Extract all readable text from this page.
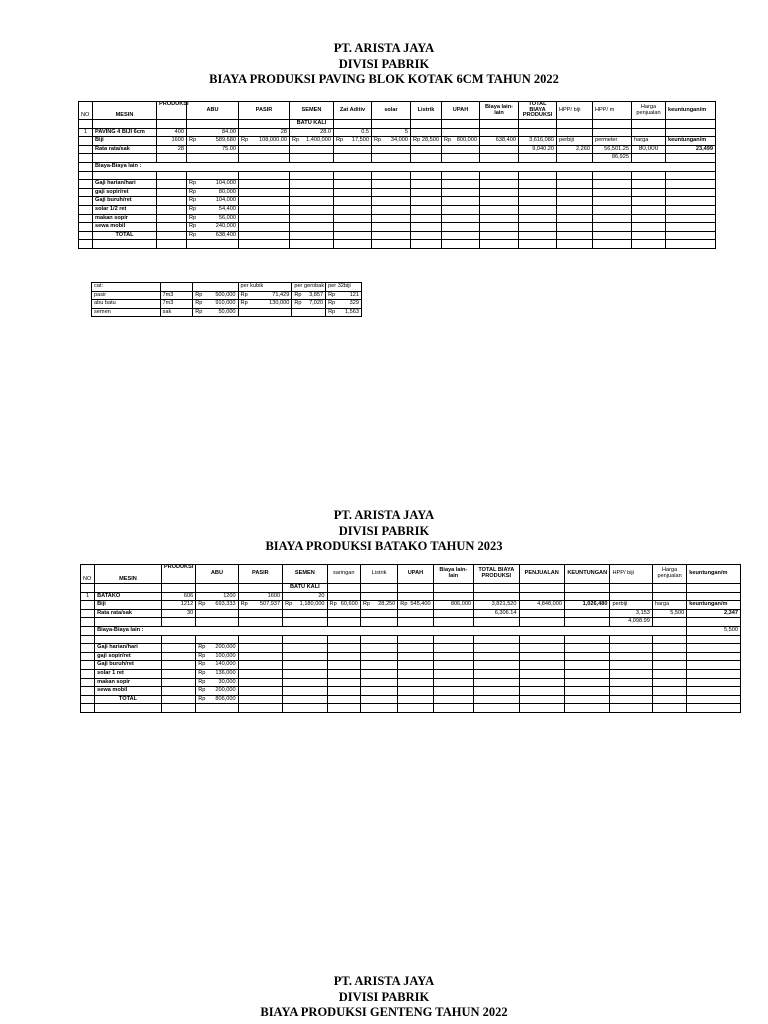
PT. ARISTA JAYA
DIVISI PABRIK
BIAYA PRODUKSI PAVING BLOK KOTAK 6CM TAHUN 2022
NO	MESIN	PRODUKSI	ABU		PASIR		SEMEN		Zat Aditiv		solar		Listrik		UPAH		Biaya lain-lain	TOTAL BIAYA PRODUKSI	HPP/ biji	HPP/ m	Harga penjualan	keuntungan/m
							BATU KALI															
1	PAVING 4 BIJI 6cm	400	84.00		28		28.0		0.5		5											
	Biji	1600	Rp	589,680	Rp	108,000.00	Rp	1,400,000	Rp	17,500	Rp	34,000	Rp	28,500	Rp	800,000	638,400	3,616,080	perbiji	permeter	harga	keuntungan/m
	Rata rata/sak	28	75.00															9,040.20	2,260	56,501.25	80,000	23,499
																				86,925		
	Biaya-Biaya lain :																					

	Gaji harian/hari		Rp	104,000																		
	gaji sopir/ret		Rp	80,000																		
	Gaji buruh/ret		Rp	104,000																		
	solar 1/2 ret		Rp	54,400																		
	makan sopir		Rp	56,000																		
	sewa mobil		Rp	240,000																		
	TOTAL		Rp	638,400																		

cat:				per kubik		per gerobak		per 32biji	
pasir	7m3	Rp	500,000	Rp	71,429	Rp	3,857	Rp	121
abu batu	7m3	Rp	910,000	Rp	130,000	Rp	7,020	Rp	329
semen	sak	Rp	50,000					Rp	1,563
PT. ARISTA JAYA
DIVISI PABRIK
BIAYA PRODUKSI BATAKO TAHUN 2023
NO	MESIN	PRODUKSI	ABU		PASIR		SEMEN		saringan		Listrik		UPAH		Biaya lain-lain	TOTAL BIAYA PRODUKSI	PENJUALAN	KEUNTUNGAN	HPP/ biji	Harga penjualan	keuntungan/m
							BATU KALI														
1	BATAKO	606	1200		1600		20														
	Biji	1212	Rp	693,333	Rp	507,937	Rp	1,180,000	Rp	60,600	Rp	28,250	Rp	545,400	806,000	3,821,520	4,848,000	1,026,480	perbiji	harga	keuntungan/m
	Rata rata/sak	30														6,306.14			3,153	5,500	2,347
																			4,098.99		
	Biaya-Biaya lain :																				5,500

	Gaji harian/hari		Rp	200,000																	
	gaji sopir/ret		Rp	100,000																	
	Gaji buruh/ret		Rp	140,000																	
	solar 1 ret		Rp	136,000																	
	makan sopir		Rp	30,000																	
	sewa mobil		Rp	200,000																	
	TOTAL		Rp	806,000																	

PT. ARISTA JAYA
DIVISI PABRIK
BIAYA PRODUKSI GENTENG TAHUN 2022
